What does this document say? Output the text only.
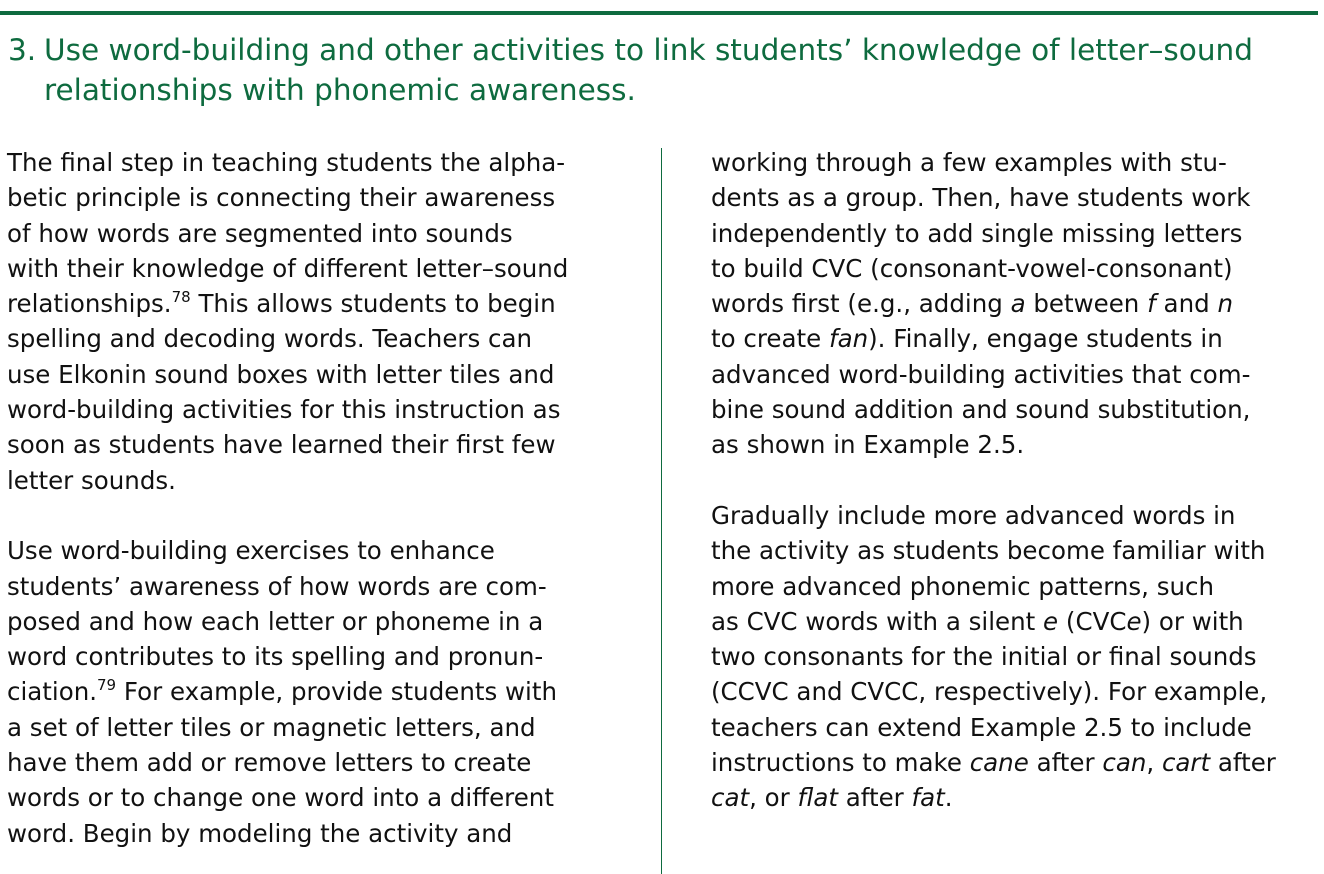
3. Use word-building and other activities to link students’ knowledge of letter–sound
relationships with phonemic awareness.

The final step in teaching students the alpha-
betic principle is connecting their awareness
of how words are segmented into sounds
with their knowledge of different letter–sound
relationships.$^{78}$ This allows students to begin
spelling and decoding words. Teachers can
use Elkonin sound boxes with letter tiles and
word-building activities for this instruction as
soon as students have learned their first few
letter sounds.

Use word-building exercises to enhance
students’ awareness of how words are com-
posed and how each letter or phoneme in a
word contributes to its spelling and pronun-
ciation.$^{79}$ For example, provide students with
a set of letter tiles or magnetic letters, and
have them add or remove letters to create
words or to change one word into a different
word. Begin by modeling the activity and

working through a few examples with stu-
dents as a group. Then, have students work
independently to add single missing letters
to build CVC (consonant-vowel-consonant)
words first (e.g., adding a between f and n
to create fan). Finally, engage students in
advanced word-building activities that com-
bine sound addition and sound substitution,
as shown in Example 2.5.

Gradually include more advanced words in
the activity as students become familiar with
more advanced phonemic patterns, such
as CVC words with a silent e (CVCe) or with
two consonants for the initial or final sounds
(CCVC and CVCC, respectively). For example,
teachers can extend Example 2.5 to include
instructions to make cane after can, cart after
cat, or flat after fat.
